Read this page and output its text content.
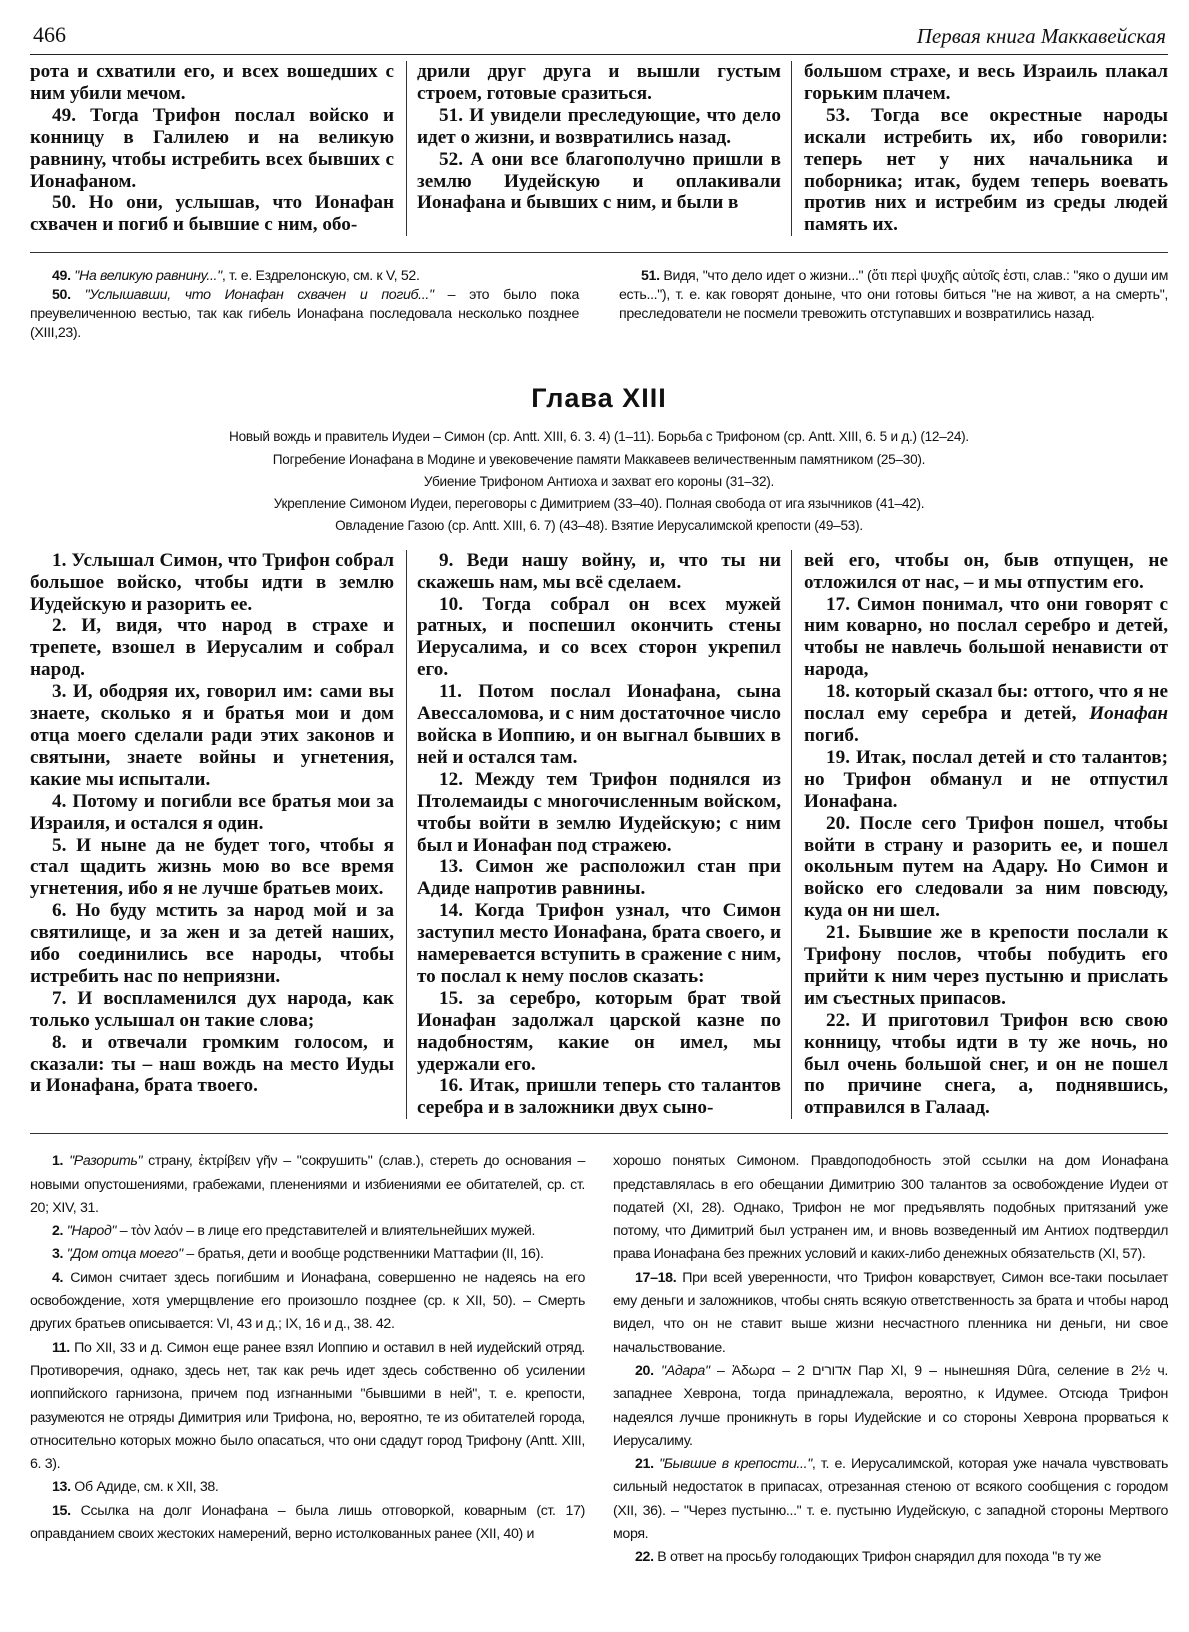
466	Первая книга Маккавейская

рота и схватили его, и всех вошедших с ним убили мечом.

49. Тогда Трифон послал войско и конницу в Галилею и на великую равнину, чтобы истребить всех бывших с Ионафаном.

50. Но они, услышав, что Ионафан схвачен и погиб и бывшие с ним, обо-

дрили друг друга и вышли густым строем, готовые сразиться.

51. И увидели преследующие, что дело идет о жизни, и возвратились назад.

52. А они все благополучно пришли в землю Иудейскую и оплакивали Ионафана и бывших с ним, и были в

большом страхе, и весь Израиль плакал горьким плачем.

53. Тогда все окрестные народы искали истребить их, ибо говорили: теперь нет у них начальника и поборника; итак, будем теперь воевать против них и истребим из среды людей память их.

49. "На великую равнину...", т. е. Ездрелонскую, см. к V, 52.

50. "Услышавши, что Ионафан схвачен и погиб..." – это было пока преувеличенною вестью, так как гибель Ионафана последовала несколько позднее (XIII,23).

51. Видя, "что дело идет о жизни..." (ὅτι περὶ ψυχῆς αὐτοῖς ἐστι, слав.: "яко о души им есть..."), т. е. как говорят доныне, что они готовы биться "не на живот, а на смерть", преследователи не посмели тревожить отступавших и возвратились назад.

Глава XIII
Новый вождь и правитель Иудеи – Симон (ср. Antt. XIII, 6. 3. 4) (1–11). Борьба с Трифоном (ср. Antt. XIII, 6. 5 и д.) (12–24).
Погребение Ионафана в Модине и увековечение памяти Маккавеев величественным памятником (25–30).
Убиение Трифоном Антиоха и захват его короны (31–32).
Укрепление Симоном Иудеи, переговоры с Димитрием (33–40). Полная свобода от ига язычников (41–42).
Овладение Газою (ср. Antt. XIII, 6. 7) (43–48). Взятие Иерусалимской крепости (49–53).

1. Услышал Симон, что Трифон собрал большое войско, чтобы идти в землю Иудейскую и разорить ее.

2. И, видя, что народ в страхе и трепете, взошел в Иерусалим и собрал народ.

3. И, ободряя их, говорил им: сами вы знаете, сколько я и братья мои и дом отца моего сделали ради этих законов и святыни, знаете войны и угнетения, какие мы испытали.

4. Потому и погибли все братья мои за Израиля, и остался я один.

5. И ныне да не будет того, чтобы я стал щадить жизнь мою во все время угнетения, ибо я не лучше братьев моих.

6. Но буду мстить за народ мой и за святилище, и за жен и за детей наших, ибо соединились все народы, чтобы истребить нас по неприязни.

7. И воспламенился дух народа, как только услышал он такие слова;

8. и отвечали громким голосом, и сказали: ты – наш вождь на место Иуды и Ионафана, брата твоего.

9. Веди нашу войну, и, что ты ни скажешь нам, мы всё сделаем.

10. Тогда собрал он всех мужей ратных, и поспешил окончить стены Иерусалима, и со всех сторон укрепил его.

11. Потом послал Ионафана, сына Авессаломова, и с ним достаточное число войска в Иоппию, и он выгнал бывших в ней и остался там.

12. Между тем Трифон поднялся из Птолемаиды с многочисленным войском, чтобы войти в землю Иудейскую; с ним был и Ионафан под стражею.

13. Симон же расположил стан при Адиде напротив равнины.

14. Когда Трифон узнал, что Симон заступил место Ионафана, брата своего, и намеревается вступить в сражение с ним, то послал к нему послов сказать:

15. за серебро, которым брат твой Ионафан задолжал царской казне по надобностям, какие он имел, мы удержали его.

16. Итак, пришли теперь сто талантов серебра и в заложники двух сыно-

вей его, чтобы он, быв отпущен, не отложился от нас, – и мы отпустим его.

17. Симон понимал, что они говорят с ним коварно, но послал серебро и детей, чтобы не навлечь большой ненависти от народа,

18. который сказал бы: оттого, что я не послал ему серебра и детей, Ионафан погиб.

19. Итак, послал детей и сто талантов; но Трифон обманул и не отпустил Ионафана.

20. После сего Трифон пошел, чтобы войти в страну и разорить ее, и пошел окольным путем на Адару. Но Симон и войско его следовали за ним повсюду, куда он ни шел.

21. Бывшие же в крепости послали к Трифону послов, чтобы побудить его прийти к ним через пустыню и прислать им съестных припасов.

22. И приготовил Трифон всю свою конницу, чтобы идти в ту же ночь, но был очень большой снег, и он не пошел по причине снега, а, поднявшись, отправился в Галаад.

1. "Разорить" страну, ἐκτρίβειν γῆν – "сокрушить" (слав.), стереть до основания – новыми опустошениями, грабежами, пленениями и избиениями ее обитателей, ср. ст. 20; XIV, 31.

2. "Народ" – τὸν λαόν – в лице его представителей и влиятельнейших мужей.

3. "Дом отца моего" – братья, дети и вообще родственники Маттафии (II, 16).

4. Симон считает здесь погибшим и Ионафана, совершенно не надеясь на его освобождение, хотя умерщвление его произошло позднее (ср. к XII, 50). – Смерть других братьев описывается: VI, 43 и д.; IX, 16 и д., 38. 42.

11. По XII, 33 и д. Симон еще ранее взял Иоппию и оставил в ней иудейский отряд. Противоречия, однако, здесь нет, так как речь идет здесь собственно об усилении иоппийского гарнизона, причем под изгнанными "бывшими в ней", т. е. крепости, разумеются не отряды Димитрия или Трифона, но, вероятно, те из обитателей города, относительно которых можно было опасаться, что они сдадут город Трифону (Antt. XIII, 6. 3).

13. Об Адиде, см. к XII, 38.

15. Ссылка на долг Ионафана – была лишь отговоркой, коварным (ст. 17) оправданием своих жестоких намерений, верно истолкованных ранее (XII, 40) и

хорошо понятых Симоном. Правдоподобность этой ссылки на дом Ионафана представлялась в его обещании Димитрию 300 талантов за освобождение Иудеи от податей (XI, 28). Однако, Трифон не мог предъявлять подобных притязаний уже потому, что Димитрий был устранен им, и вновь возведенный им Антиох подтвердил права Ионафана без прежних условий и каких-либо денежных обязательств (XI, 57).

17–18. При всей уверенности, что Трифон коварствует, Симон все-таки посылает ему деньги и заложников, чтобы снять всякую ответственность за брата и чтобы народ видел, что он не ставит выше жизни несчастного пленника ни деньги, ни свое начальствование.

20. "Адара" – Ἀδωρα – אדורים 2 Пар XI, 9 – нынешняя Dûra, селение в 2½ ч. западнее Хеврона, тогда принадлежала, вероятно, к Идумее. Отсюда Трифон надеялся лучше проникнуть в горы Иудейские и со стороны Хеврона прорваться к Иерусалиму.

21. "Бывшие в крепости...", т. е. Иерусалимской, которая уже начала чувствовать сильный недостаток в припасах, отрезанная стеною от всякого сообщения с городом (XII, 36). – "Через пустыню..." т. е. пустыню Иудейскую, с западной стороны Мертвого моря.

22. В ответ на просьбу голодающих Трифон снарядил для похода "в ту же
